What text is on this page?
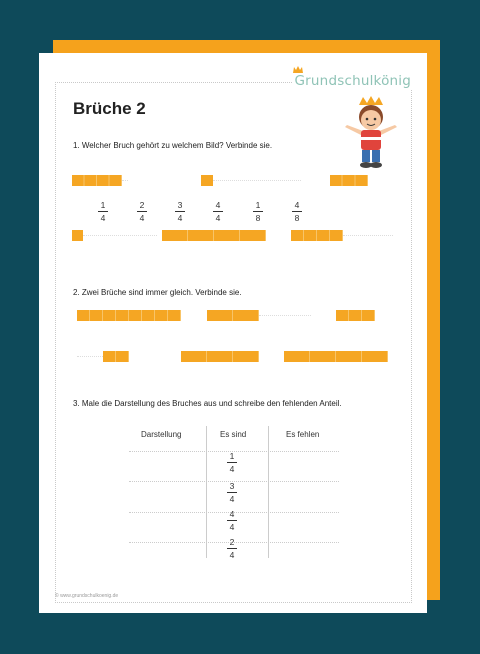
Grundschulkönig
Brüche 2
1. Welcher Bruch gehört zu welchem Bild? Verbinde sie.
1
4
2
4
3
4
4
4
1
8
4
8
2. Zwei Brüche sind immer gleich. Verbinde sie.
3. Male die Darstellung des Bruches aus und schreibe den fehlenden Anteil.
Darstellung	Es sind	Es fehlen
1
4
3
4
4
4
2
4
© www.grundschulkoenig.de
